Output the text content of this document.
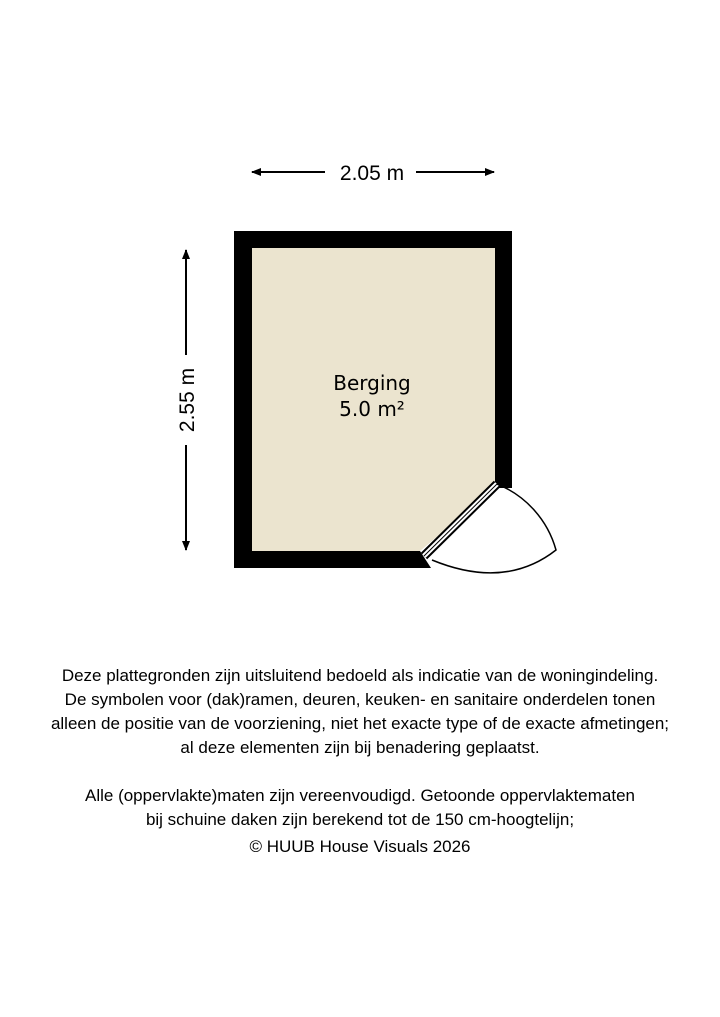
2.05 m
2.55 m	Berging
5.0 m²

Deze plattegronden zijn uitsluitend bedoeld als indicatie van de woningindeling.

De symbolen voor (dak)ramen, deuren, keuken- en sanitaire onderdelen tonen

alleen de positie van de voorziening, niet het exacte type of de exacte afmetingen;

al deze elementen zijn bij benadering geplaatst.

Alle (oppervlakte)maten zijn vereenvoudigd. Getoonde oppervlaktematen

bij schuine daken zijn berekend tot de 150 cm-hoogtelijn;

© HUUB House Visuals 2026
